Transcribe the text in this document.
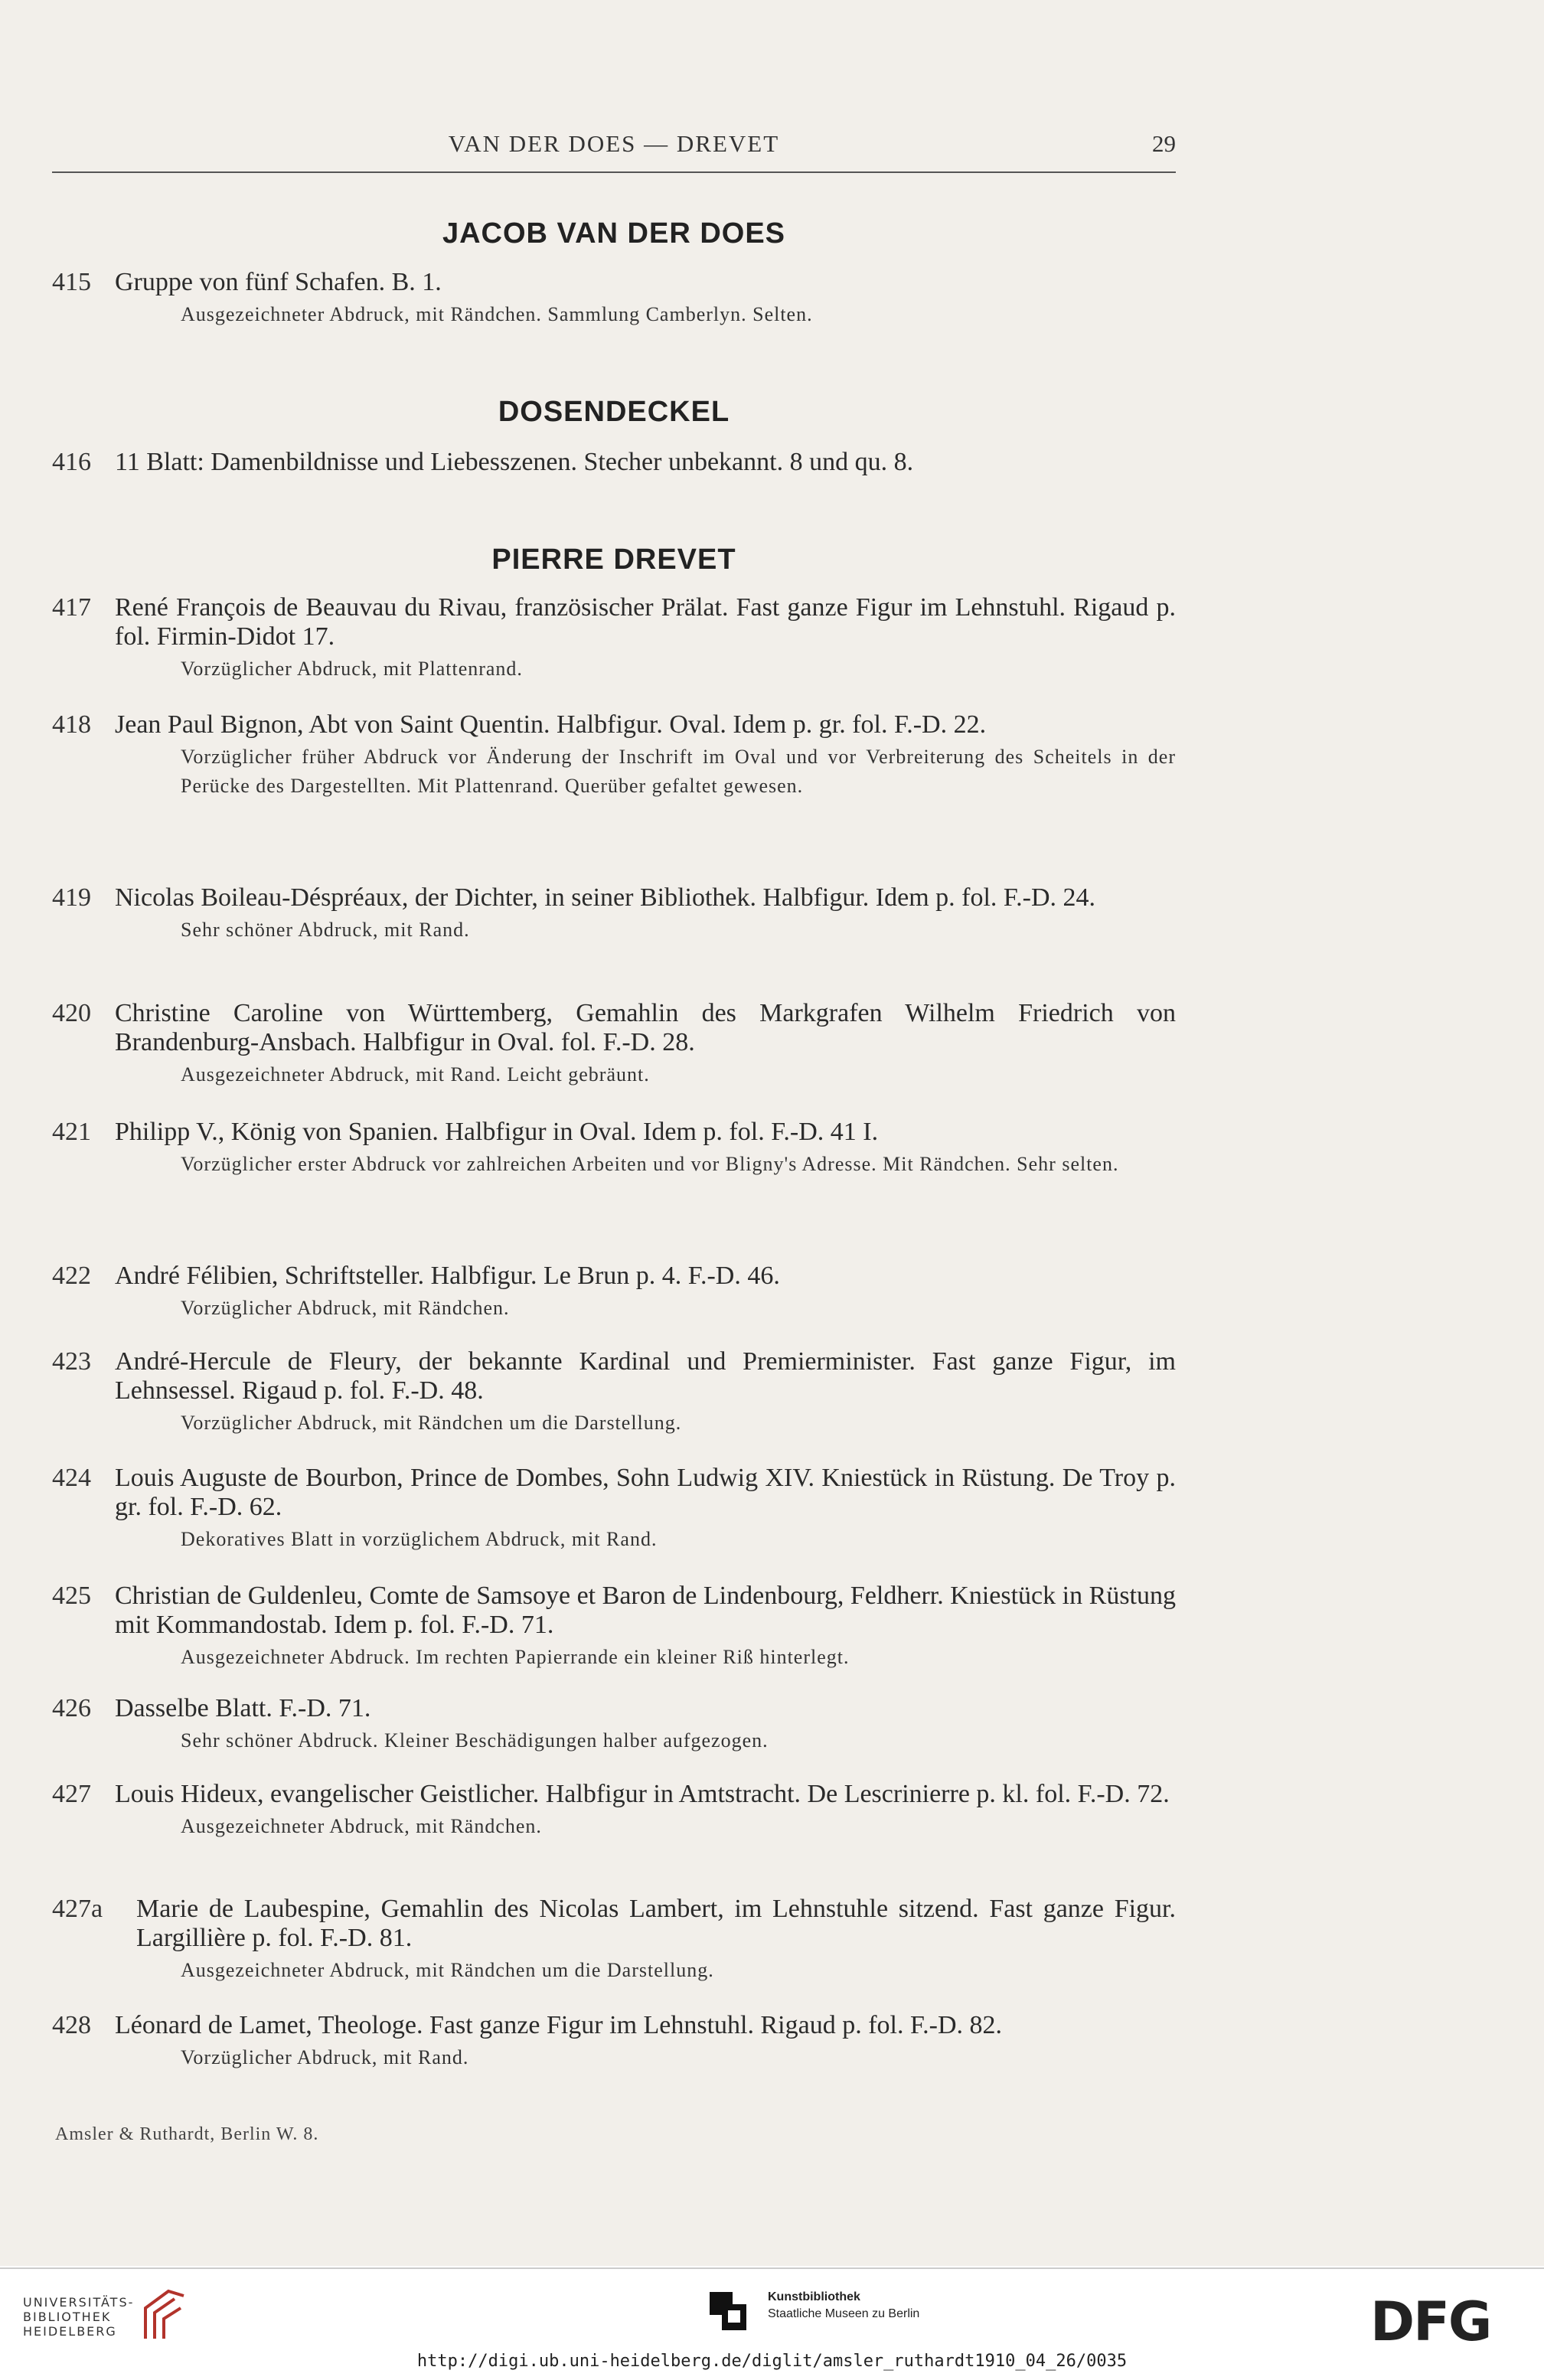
VAN DER DOES — DREVET	29
JACOB VAN DER DOES
415 Gruppe von fünf Schafen. B. 1.
Ausgezeichneter Abdruck, mit Rändchen. Sammlung Camberlyn. Selten.
DOSENDECKEL
416 11 Blatt: Damenbildnisse und Liebesszenen. Stecher unbekannt. 8 und qu. 8.
PIERRE DREVET
417 René François de Beauvau du Rivau, französischer Prälat. Fast ganze Figur im Lehnstuhl. Rigaud p. fol. Firmin-Didot 17.
Vorzüglicher Abdruck, mit Plattenrand.
418 Jean Paul Bignon, Abt von Saint Quentin. Halbfigur. Oval. Idem p. gr. fol. F.-D. 22.
Vorzüglicher früher Abdruck vor Änderung der Inschrift im Oval und vor Verbreiterung des Scheitels in der Perücke des Dargestellten. Mit Plattenrand. Querüber gefaltet gewesen.
419 Nicolas Boileau-Déspréaux, der Dichter, in seiner Bibliothek. Halbfigur. Idem p. fol. F.-D. 24.
Sehr schöner Abdruck, mit Rand.
420 Christine Caroline von Württemberg, Gemahlin des Markgrafen Wilhelm Friedrich von Brandenburg-Ansbach. Halbfigur in Oval. fol. F.-D. 28.
Ausgezeichneter Abdruck, mit Rand. Leicht gebräunt.
421 Philipp V., König von Spanien. Halbfigur in Oval. Idem p. fol. F.-D. 41 I.
Vorzüglicher erster Abdruck vor zahlreichen Arbeiten und vor Bligny's Adresse. Mit Rändchen. Sehr selten.
422 André Félibien, Schriftsteller. Halbfigur. Le Brun p. 4. F.-D. 46.
Vorzüglicher Abdruck, mit Rändchen.
423 André-Hercule de Fleury, der bekannte Kardinal und Premierminister. Fast ganze Figur, im Lehnsessel. Rigaud p. fol. F.-D. 48.
Vorzüglicher Abdruck, mit Rändchen um die Darstellung.
424 Louis Auguste de Bourbon, Prince de Dombes, Sohn Ludwig XIV. Kniestück in Rüstung. De Troy p. gr. fol. F.-D. 62.
Dekoratives Blatt in vorzüglichem Abdruck, mit Rand.
425 Christian de Guldenleu, Comte de Samsoye et Baron de Lindenbourg, Feldherr. Kniestück in Rüstung mit Kommandostab. Idem p. fol. F.-D. 71.
Ausgezeichneter Abdruck. Im rechten Papierrande ein kleiner Riß hinterlegt.
426 Dasselbe Blatt. F.-D. 71.
Sehr schöner Abdruck. Kleiner Beschädigungen halber aufgezogen.
427 Louis Hideux, evangelischer Geistlicher. Halbfigur in Amtstracht. De Lescrinierre p. kl. fol. F.-D. 72.
Ausgezeichneter Abdruck, mit Rändchen.
427a Marie de Laubespine, Gemahlin des Nicolas Lambert, im Lehnstuhle sitzend. Fast ganze Figur. Largillière p. fol. F.-D. 81.
Ausgezeichneter Abdruck, mit Rändchen um die Darstellung.
428 Léonard de Lamet, Theologe. Fast ganze Figur im Lehnstuhl. Rigaud p. fol. F.-D. 82.
Vorzüglicher Abdruck, mit Rand.
Amsler & Ruthardt, Berlin W. 8.
UNIVERSITÄTS-
BIBLIOTHEK
HEIDELBERG
Kunstbibliothek
Staatliche Museen zu Berlin	DFG
http://digi.ub.uni-heidelberg.de/diglit/amsler_ruthardt1910_04_26/0035
